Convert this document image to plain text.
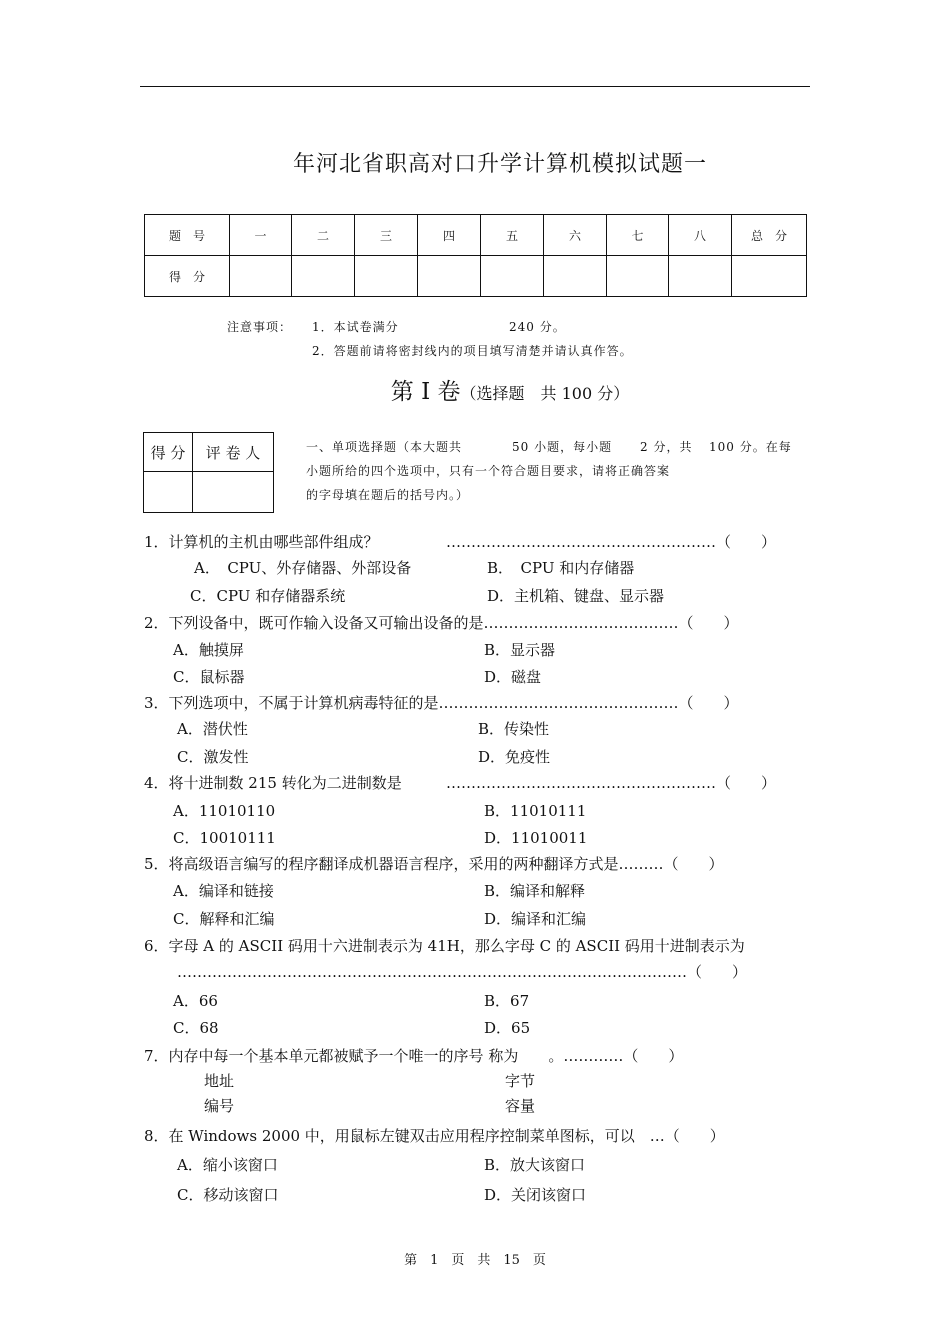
年河北省职高对口升学计算机模拟试题一
题　号	一	二	三	四	五	六	七	八	总　分
得　分									
注意事项： 1．本试卷满分　　　　　　	240 分。
2．答题前请将密封线内的项目填写清楚并请认真作答。
第 I 卷（选择题　共 100 分）
得 分	评 卷 人
		一、单项选择题（本大题共	50 小题，每小题 2 分，共 100 分。在每
小题所给的四个选项中，只有一个符合题目要求，请将正确答案
的字母填在题后的括号内。）
1．计算机的主机由哪些部件组成？	………………………………………………（　　）
A．　CPU、外存储器、外部设备	B．　CPU 和内存储器
C．CPU 和存储器系统	D．主机箱、键盘、显示器
2．下列设备中，既可作输入设备又可输出设备的是…………………………………（　　）
A．触摸屏	B．显示器
C．鼠标器	D．磁盘
3．下列选项中，不属于计算机病毒特征的是…………………………………………（　　）
A．潜伏性	B．传染性
C．激发性	D．免疫性
4．将十进制数 215 转化为二进制数是	………………………………………………（　　）
A．11010110	B．11010111
C．10010111	D．11010011
5．将高级语言编写的程序翻译成机器语言程序，采用的两种翻译方式是………（　　）
A．编译和链接	B．编译和解释
C．解释和汇编	D．编译和汇编
6．字母 A 的 ASCII 码用十六进制表示为 41H，那么字母 C 的 ASCII 码用十进制表示为
…………………………………………………………………………………………（　　）
A．66	B．67
C．68	D．65
7．内存中每一个基本单元都被赋予一个唯一的序号 称为　　。…………（　　）
地址	字节
编号	容量
8．在 Windows 2000 中，用鼠标左键双击应用程序控制菜单图标，可以　…（　　）
A．缩小该窗口	B．放大该窗口
C．移动该窗口	D．关闭该窗口
第　1　页　共　15　页
